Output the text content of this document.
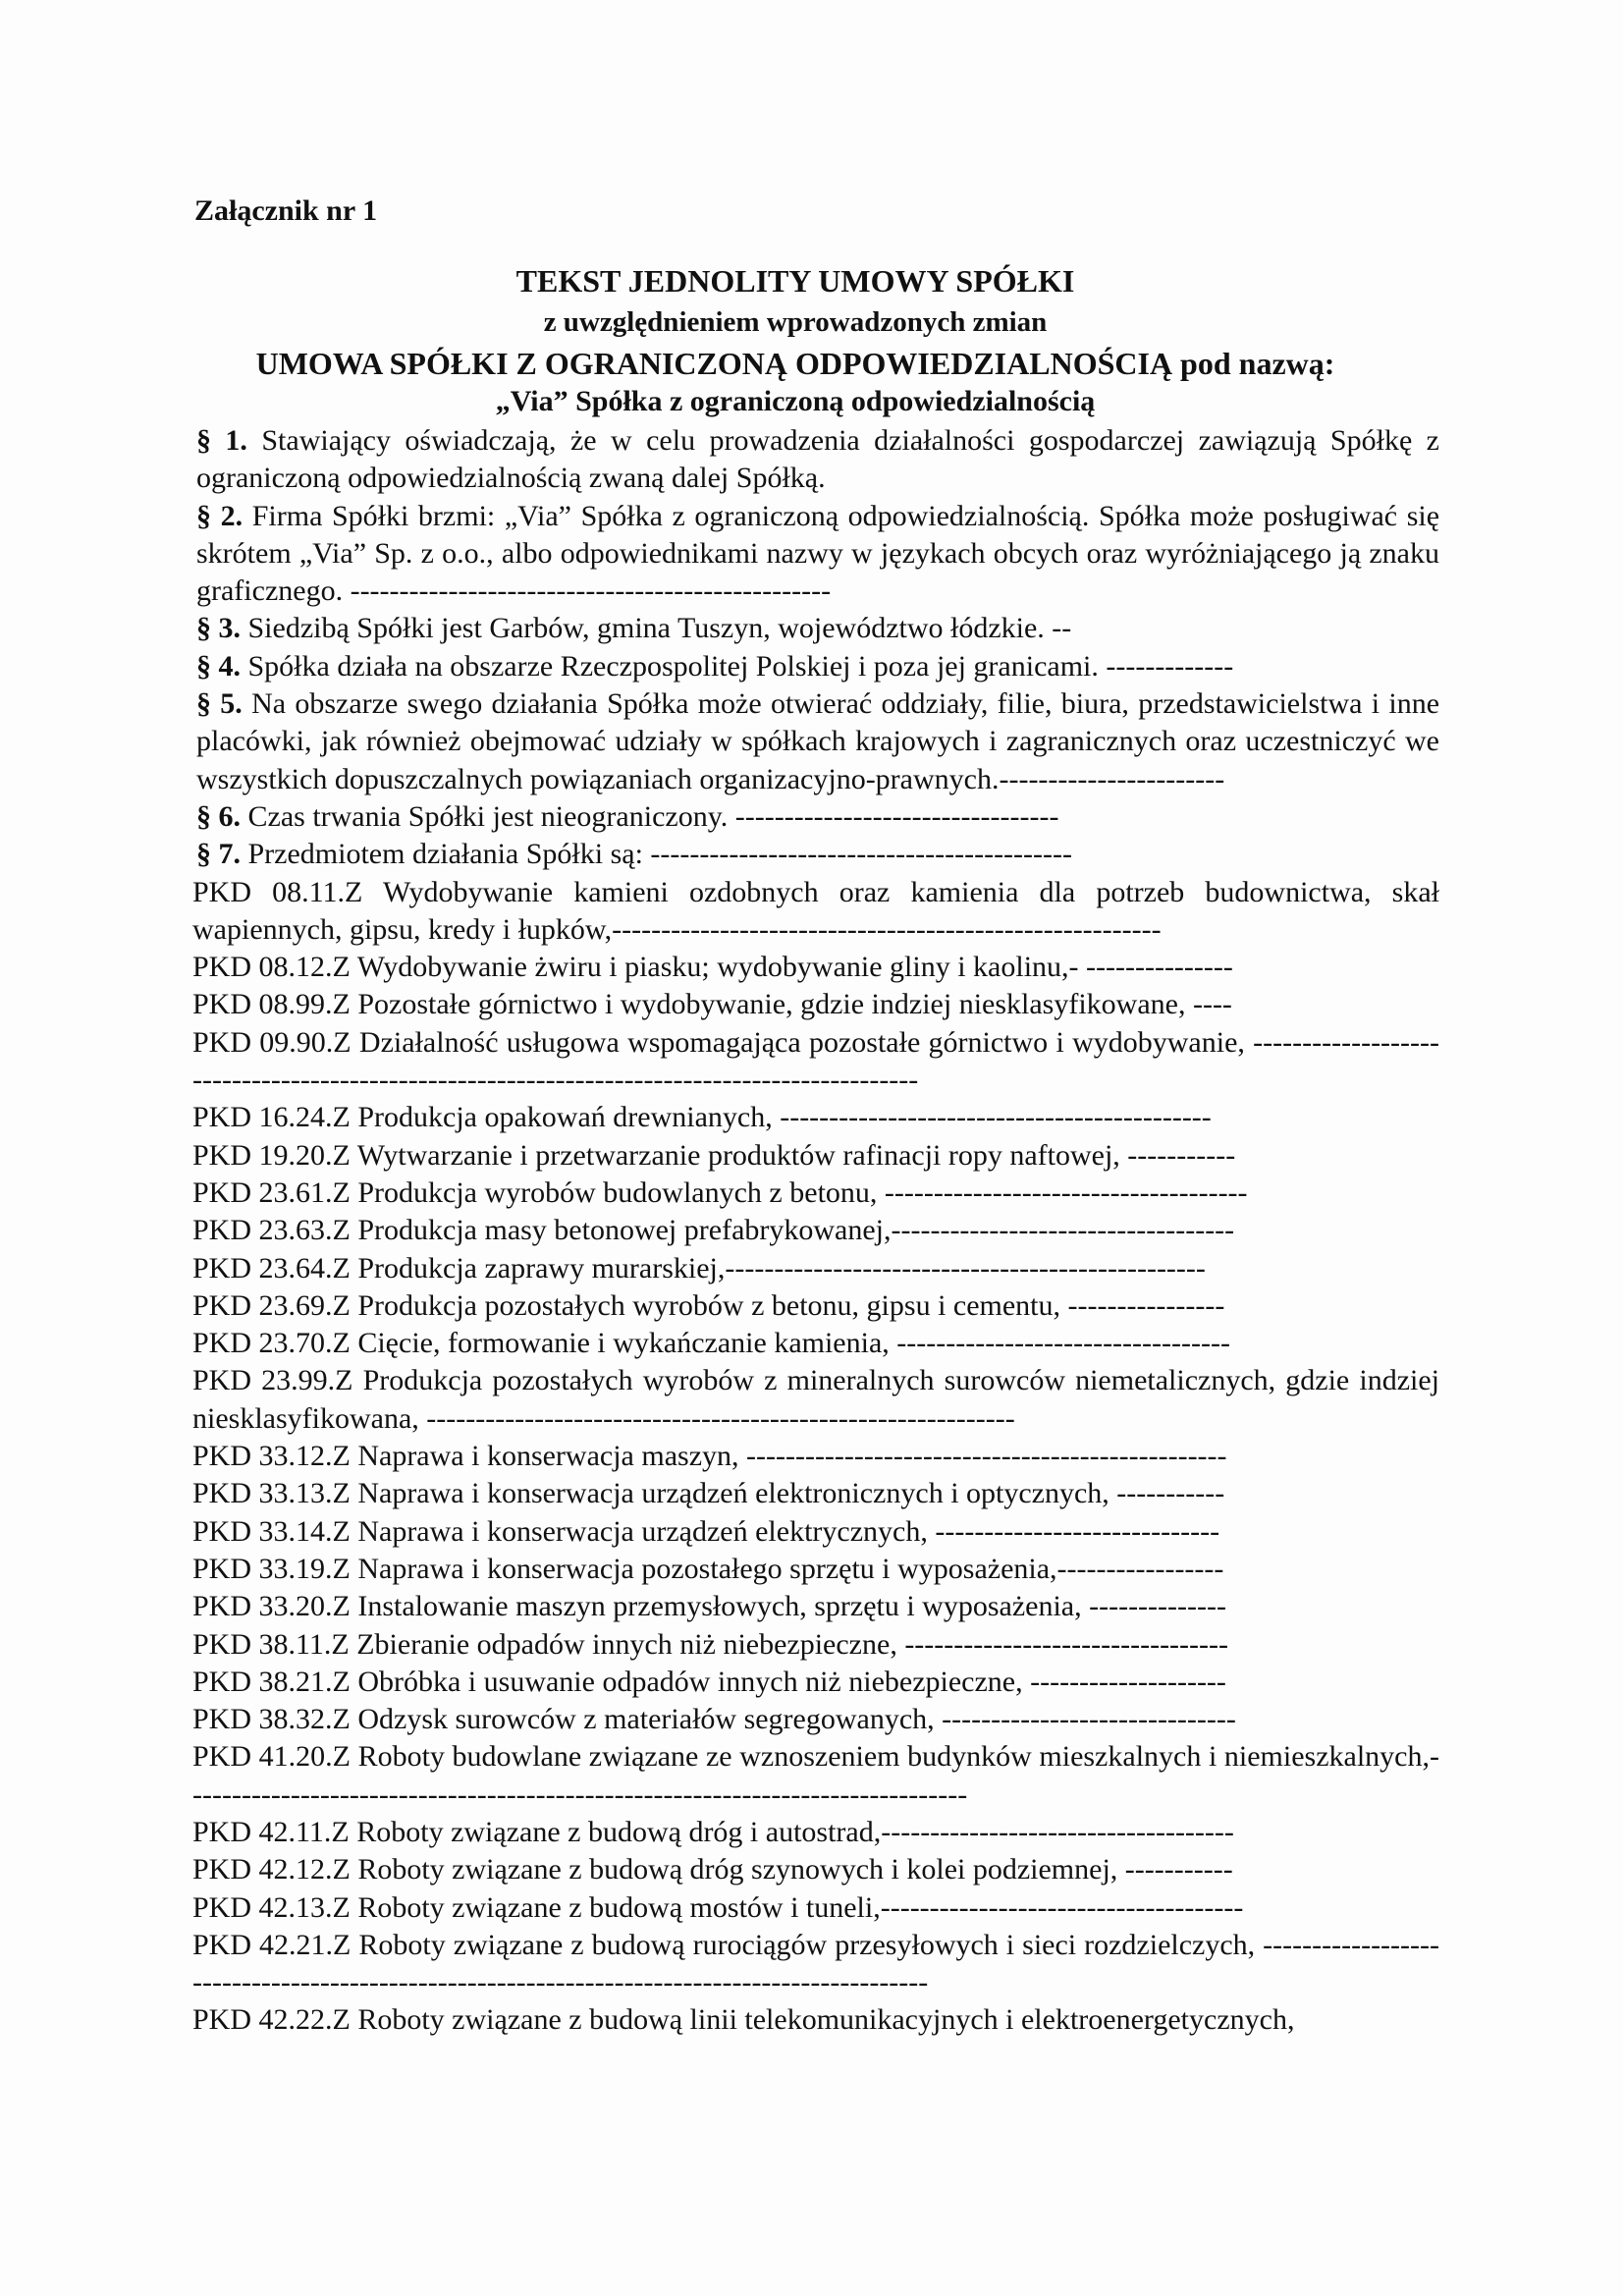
Załącznik nr 1
TEKST JEDNOLITY UMOWY SPÓŁKI
z uwzględnieniem wprowadzonych zmian
UMOWA SPÓŁKI Z OGRANICZONĄ ODPOWIEDZIALNOŚCIĄ pod nazwą:
„Via” Spółka z ograniczoną odpowiedzialnością

§ 1. Stawiający oświadczają, że w celu prowadzenia działalności gospodarczej zawiązują Spółkę z ograniczoną odpowiedzialnością zwaną dalej Spółką.

§ 2. Firma Spółki brzmi: „Via” Spółka z ograniczoną odpowiedzialnością. Spółka może posługiwać się skrótem „Via” Sp. z o.o., albo odpowiednikami nazwy w językach obcych oraz wyróżniającego ją znaku graficznego. -------------------------------------------------

§ 3. Siedzibą Spółki jest Garbów, gmina Tuszyn, województwo łódzkie. --

§ 4. Spółka działa na obszarze Rzeczpospolitej Polskiej i poza jej granicami. -------------

§ 5. Na obszarze swego działania Spółka może otwierać oddziały, filie, biura, przedstawicielstwa i inne placówki, jak również obejmować udziały w spółkach krajowych i zagranicznych oraz uczestniczyć we wszystkich dopuszczalnych powiązaniach organizacyjno-prawnych.-----------------------

§ 6. Czas trwania Spółki jest nieograniczony. ---------------------------------

§ 7. Przedmiotem działania Spółki są: -------------------------------------------

PKD 08.11.Z Wydobywanie kamieni ozdobnych oraz kamienia dla potrzeb budownictwa, skał wapiennych, gipsu, kredy i łupków,--------------------------------------------------------

PKD 08.12.Z Wydobywanie żwiru i piasku; wydobywanie gliny i kaolinu,- ---------------

PKD 08.99.Z Pozostałe górnictwo i wydobywanie, gdzie indziej niesklasyfikowane, ----

PKD 09.90.Z Działalność usługowa wspomagająca pozostałe górnictwo i wydobywanie, ---------------------------------------------------------------------------------------------

PKD 16.24.Z Produkcja opakowań drewnianych, --------------------------------------------

PKD 19.20.Z Wytwarzanie i przetwarzanie produktów rafinacji ropy naftowej, -----------

PKD 23.61.Z Produkcja wyrobów budowlanych z betonu, -------------------------------------

PKD 23.63.Z Produkcja masy betonowej prefabrykowanej,-----------------------------------

PKD 23.64.Z Produkcja zaprawy murarskiej,-------------------------------------------------

PKD 23.69.Z Produkcja pozostałych wyrobów z betonu, gipsu i cementu, ----------------

PKD 23.70.Z Cięcie, formowanie i wykańczanie kamienia, ----------------------------------

PKD 23.99.Z Produkcja pozostałych wyrobów z mineralnych surowców niemetalicznych, gdzie indziej niesklasyfikowana, ------------------------------------------------------------

PKD 33.12.Z Naprawa i konserwacja maszyn, -------------------------------------------------

PKD 33.13.Z Naprawa i konserwacja urządzeń elektronicznych i optycznych, -----------

PKD 33.14.Z Naprawa i konserwacja urządzeń elektrycznych, -----------------------------

PKD 33.19.Z Naprawa i konserwacja pozostałego sprzętu i wyposażenia,-----------------

PKD 33.20.Z Instalowanie maszyn przemysłowych, sprzętu i wyposażenia, --------------

PKD 38.11.Z Zbieranie odpadów innych niż niebezpieczne, ---------------------------------

PKD 38.21.Z Obróbka i usuwanie odpadów innych niż niebezpieczne, --------------------

PKD 38.32.Z Odzysk surowców z materiałów segregowanych, ------------------------------

PKD 41.20.Z Roboty budowlane związane ze wznoszeniem budynków mieszkalnych i niemieszkalnych,--------------------------------------------------------------------------------

PKD 42.11.Z Roboty związane z budową dróg i autostrad,------------------------------------

PKD 42.12.Z Roboty związane z budową dróg szynowych i kolei podziemnej, -----------

PKD 42.13.Z Roboty związane z budową mostów i tuneli,-------------------------------------

PKD 42.21.Z Roboty związane z budową rurociągów przesyłowych i sieci rozdzielczych, ---------------------------------------------------------------------------------------------

PKD 42.22.Z Roboty związane z budową linii telekomunikacyjnych i elektroenergetycznych,
